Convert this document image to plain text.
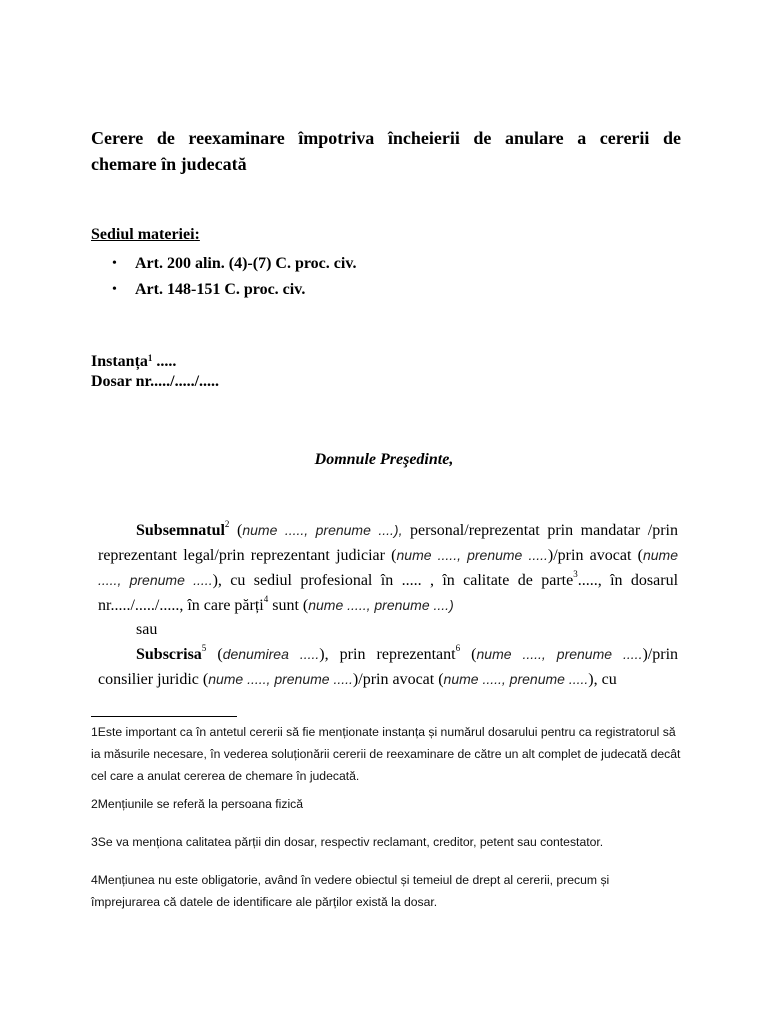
Cerere de reexaminare împotriva încheierii de anulare a cererii de
chemare în judecată
Sediul materiei:
• Art. 200 alin. (4)-(7) C. proc. civ.
• Art. 148-151 C. proc. civ.
Instanța$^1$ .....
Dosar nr...../...../.....
Domnule Preşedinte,

Subsemnatul$^2$ (nume ....., prenume ....), personal/reprezentat prin mandatar /prin reprezentant legal/prin reprezentant judiciar (nume ....., prenume .....)/prin avocat (nume ....., prenume .....), cu sediul profesional în ..... , în calitate de parte$^3$....., în dosarul nr...../...../....., în care părți$^4$ sunt (nume ....., prenume ....)

sau

Subscrisa$^5$ (denumirea .....), prin reprezentant$^6$ (nume ....., prenume .....)/prin consilier juridic (nume ....., prenume .....)/prin avocat (nume ....., prenume .....), cu

1Este important ca în antetul cererii să fie menționate instanța și numărul dosarului pentru ca registratorul să ia măsurile necesare, în vederea soluționării cererii de reexaminare de către un alt complet de judecată decât cel care a anulat cererea de chemare în judecată.

2Mențiunile se referă la persoana fizică

3Se va menționa calitatea părții din dosar, respectiv reclamant, creditor, petent sau contestator.

4Mențiunea nu este obligatorie, având în vedere obiectul și temeiul de drept al cererii, precum și împrejurarea că datele de identificare ale părților există la dosar.
